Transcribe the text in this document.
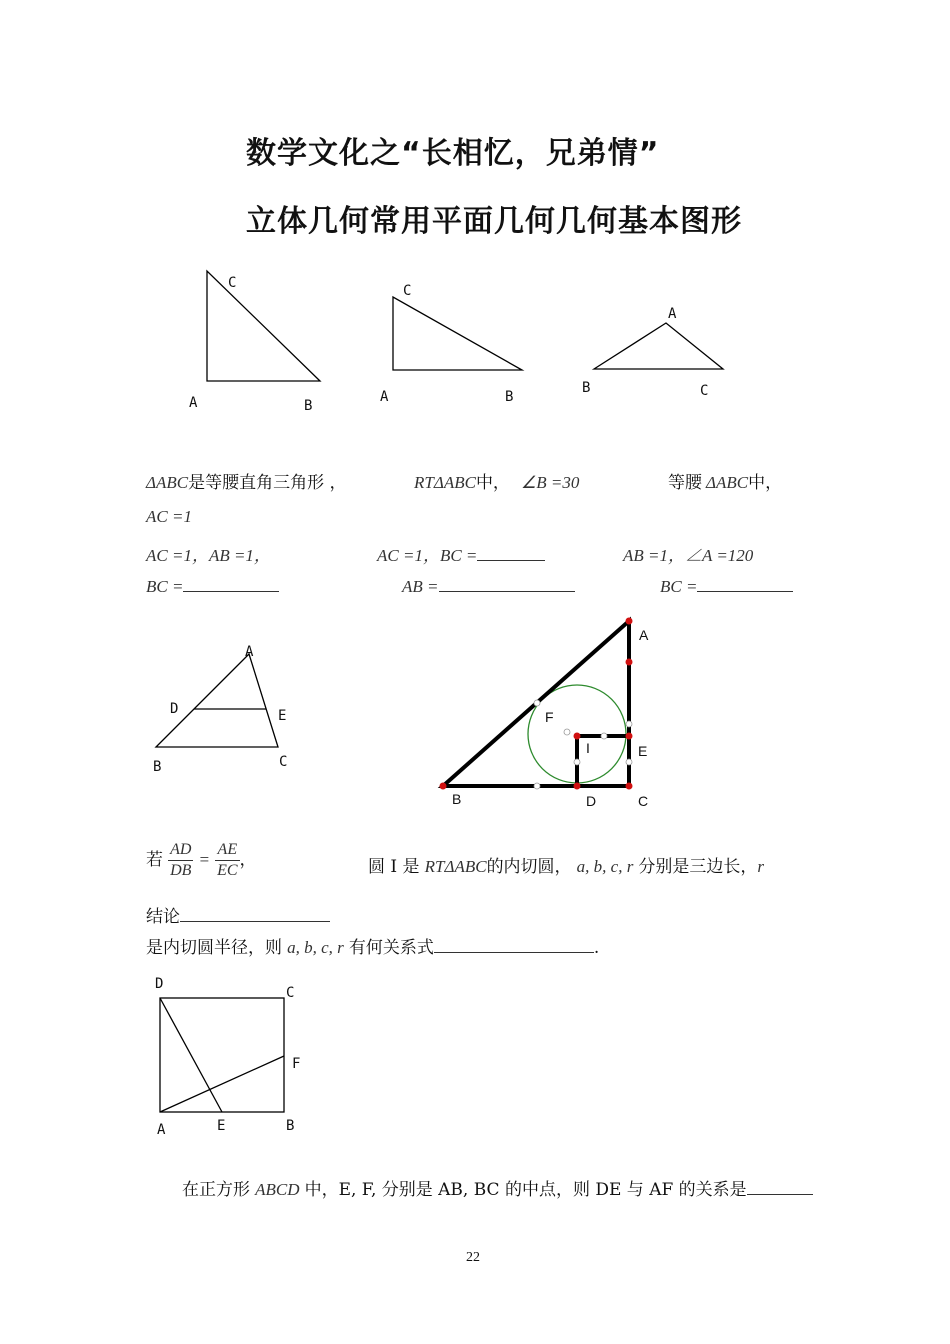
数学文化之“长相忆，兄弟情”
立体几何常用平面几何几何基本图形
C
A	B
C
A	B
A
B	C
ΔABC是等腰直角三角形 ，	RTΔABC中， ∠B =30	等腰 ΔABC中，
AC =1
AC =1，AB =1，	AC =1，BC =	AB =1，∠A =120
BC =	AB =	BC =
A
D	E
B	C
A
F
I	E
B	D	C
若 $\frac{AD}{DB} = \frac{AE}{EC}$ ，	圆 I 是 RTΔABC的内切圆， a, b, c, r 分别是三边长，r
结论
是内切圆半径，则 a, b, c, r 有何关系式	.
D
C
F
A	E	B
在正方形 ABCD 中，E, F, 分别是 AB, BC 的中点，则 DE 与 AF 的关系是
22
